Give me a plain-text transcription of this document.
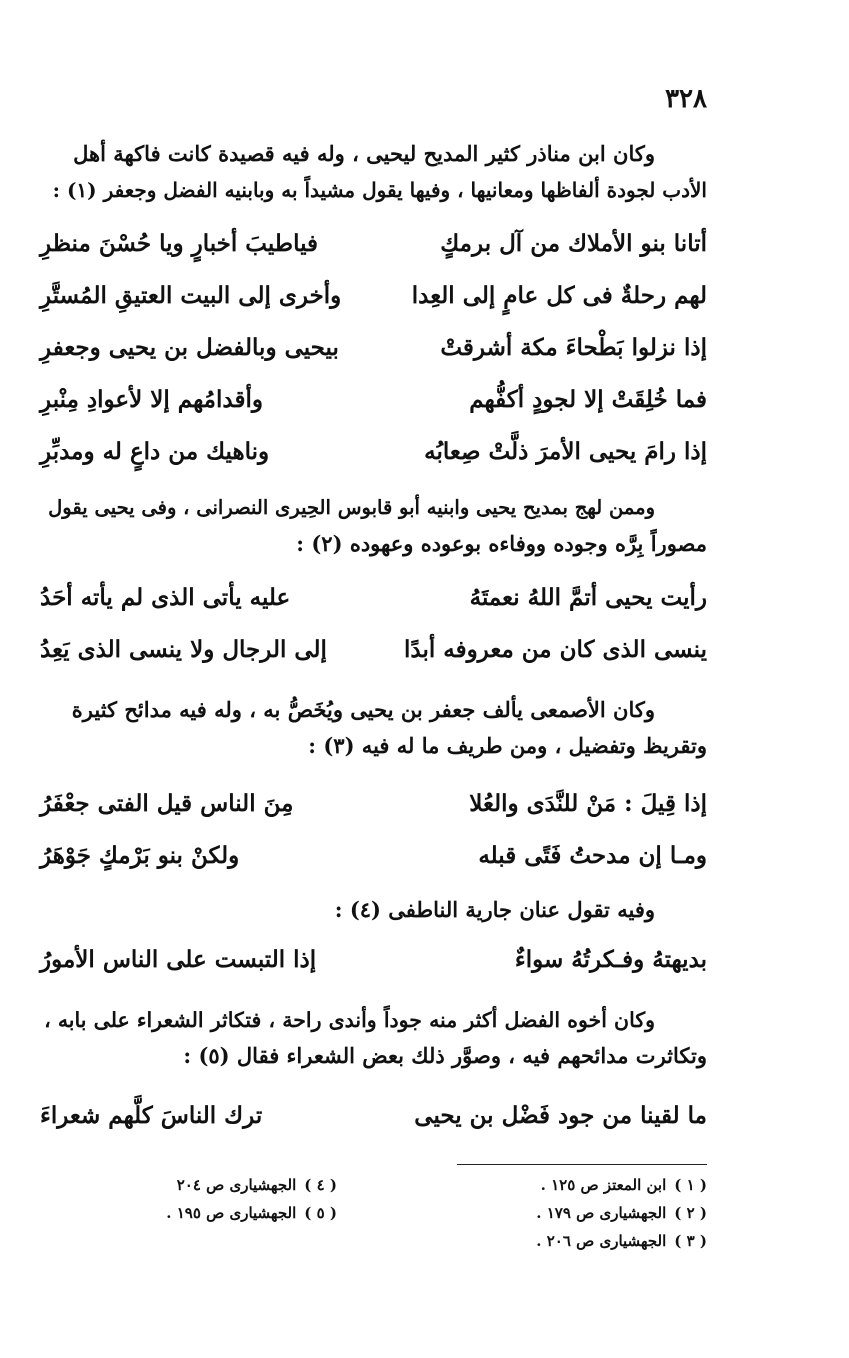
٣٢٨
وكان ابن مناذر كثير المديح ليحيى ، وله فيه قصيدة كانت فاكهة أهل
الأدب لجودة ألفاظها ومعانيها ، وفيها يقول مشيداً به وبابنيه الفضل وجعفر (١) :
أتانا بنو الأملاك من آل برمكٍ
فياطيبَ أخبارٍ ويا حُسْنَ منظرِ
لهم رحلةٌ فى كل عامٍ إلى العِدا
وأخرى إلى البيت العتيقِ المُستَّرِ
إذا نزلوا بَطْحاءَ مكة أشرقتْ
بيحيى وبالفضل بن يحيى وجعفرِ
فما خُلِقَتْ إلا لجودٍ أكفُّهم
وأقدامُهم إلا لأعوادِ مِنْبرِ
إذا رامَ يحيى الأمرَ ذلَّتْ صِعابُه
وناهيك من داعٍ له ومدبِّرِ
وممن لهج بمديح يحيى وابنيه أبو قابوس الحِيرى النصرانى ، وفى يحيى يقول
مصوراً بِرَّه وجوده ووفاءه بوعوده وعهوده (٢) :
رأيت يحيى أتمَّ اللهُ نعمتَهُ
عليه يأتى الذى لم يأته أحَدُ
ينسى الذى كان من معروفه أبدًا
إلى الرجال ولا ينسى الذى يَعِدُ
وكان الأصمعى يألف جعفر بن يحيى ويُخَصُّ به ، وله فيه مدائح كثيرة
وتقريظ وتفضيل ، ومن طريف ما له فيه (٣) :
إذا قِيلَ : مَنْ للنَّدَى والعُلا
مِنَ الناس قيل الفتى جعْفَرُ
ومـا إن مدحتُ فَتًى قبله
ولكنْ بنو بَرْمكٍ جَوْهَرُ
وفيه تقول عنان جارية الناطفى (٤) :
بديهتهُ وفـكرتُهُ سواءٌ
إذا التبست على الناس الأمورُ
وكان أخوه الفضل أكثر منه جوداً وأندى راحة ، فتكاثر الشعراء على بابه ،
وتكاثرت مدائحهم فيه ، وصوَّر ذلك بعض الشعراء فقال (٥) :
ما لقينا من جود فَضْل بن يحيى
ترك الناسَ كلَّهم شعراءَ
( ١ )ابن المعتز ص ١٢٥ .
( ٢ )الجهشيارى ص ١٧٩ .
( ٣ )الجهشيارى ص ٢٠٦ .
( ٤ )الجهشيارى ص ٢٠٤
( ٥ )الجهشيارى ص ١٩٥ .
